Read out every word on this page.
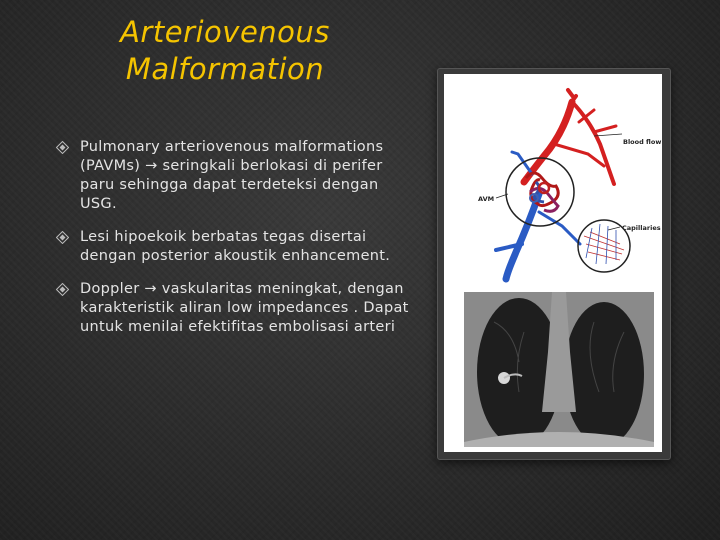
Arteriovenous Malformation
Pulmonary arteriovenous malformations (PAVMs) → seringkali berlokasi di perifer paru sehingga dapat terdeteksi dengan USG.
Lesi hipoekoik berbatas tegas disertai dengan posterior akoustik enhancement.
Doppler → vaskularitas meningkat, dengan karakteristik aliran low impedances . Dapat untuk menilai efektifitas embolisasi arteri
Blood flow
AVM
Capillaries
